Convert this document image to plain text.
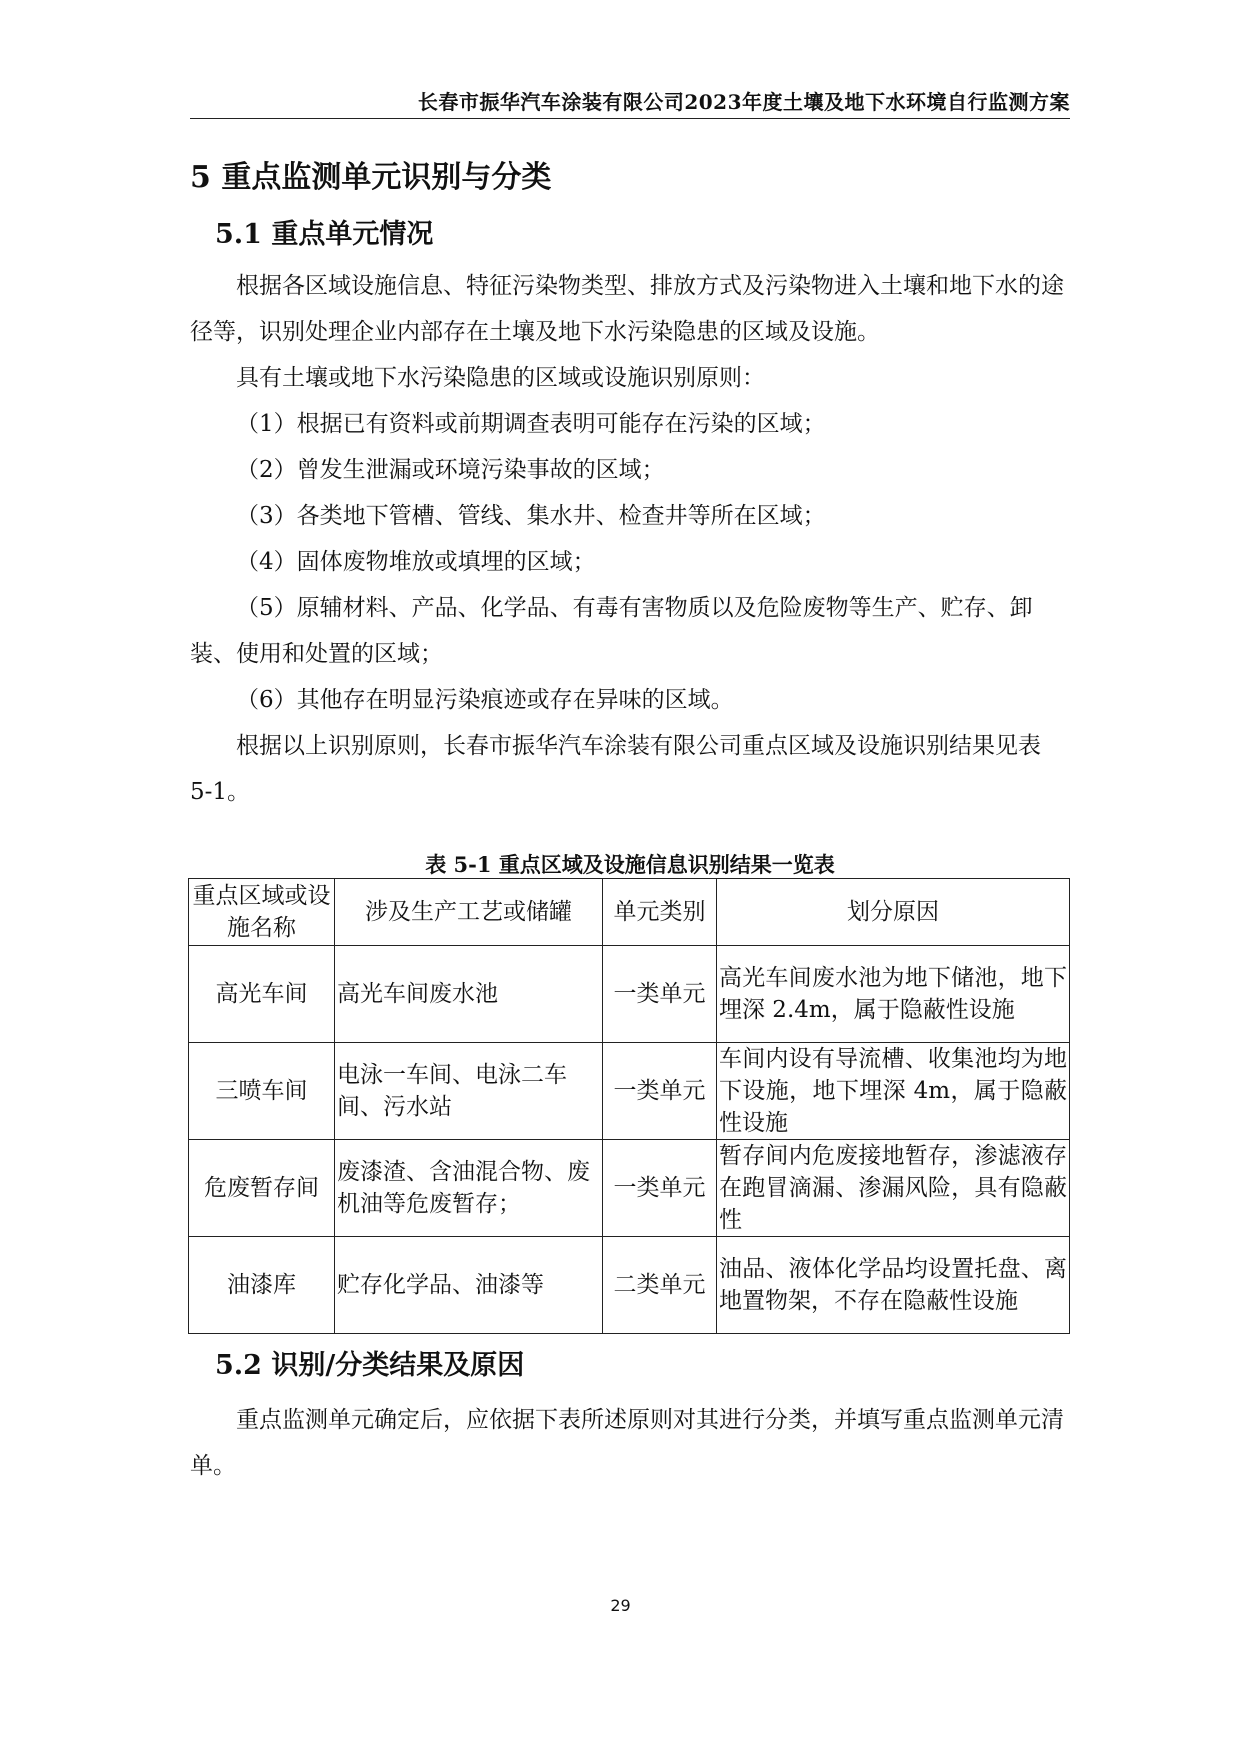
长春市振华汽车涂装有限公司2023年度土壤及地下水环境自行监测方案
5 重点监测单元识别与分类
5.1 重点单元情况

根据各区域设施信息、特征污染物类型、排放方式及污染物进入土壤和地下水的途径等，识别处理企业内部存在土壤及地下水污染隐患的区域及设施。

具有土壤或地下水污染隐患的区域或设施识别原则：

（1）根据已有资料或前期调查表明可能存在污染的区域；
（2）曾发生泄漏或环境污染事故的区域；
（3）各类地下管槽、管线、集水井、检查井等所在区域；
（4）固体废物堆放或填埋的区域；

（5）原辅材料、产品、化学品、有毒有害物质以及危险废物等生产、贮存、卸装、使用和处置的区域；

（6）其他存在明显污染痕迹或存在异味的区域。

根据以上识别原则，长春市振华汽车涂装有限公司重点区域及设施识别结果见表 5-1。

表 5-1 重点区域及设施信息识别结果一览表
重点区域或设施名称	涉及生产工艺或储罐	单元类别	划分原因
高光车间	高光车间废水池	一类单元	高光车间废水池为地下储池，地下埋深 2.4m，属于隐蔽性设施
三喷车间	电泳一车间、电泳二车间、污水站	一类单元	车间内设有导流槽、收集池均为地下设施，地下埋深 4m，属于隐蔽性设施
危废暂存间	废漆渣、含油混合物、废机油等危废暂存；	一类单元	暂存间内危废接地暂存，渗滤液存在跑冒滴漏、渗漏风险，具有隐蔽性
油漆库	贮存化学品、油漆等	二类单元	油品、液体化学品均设置托盘、离地置物架，不存在隐蔽性设施
5.2 识别/分类结果及原因

重点监测单元确定后，应依据下表所述原则对其进行分类，并填写重点监测单元清单。

29
